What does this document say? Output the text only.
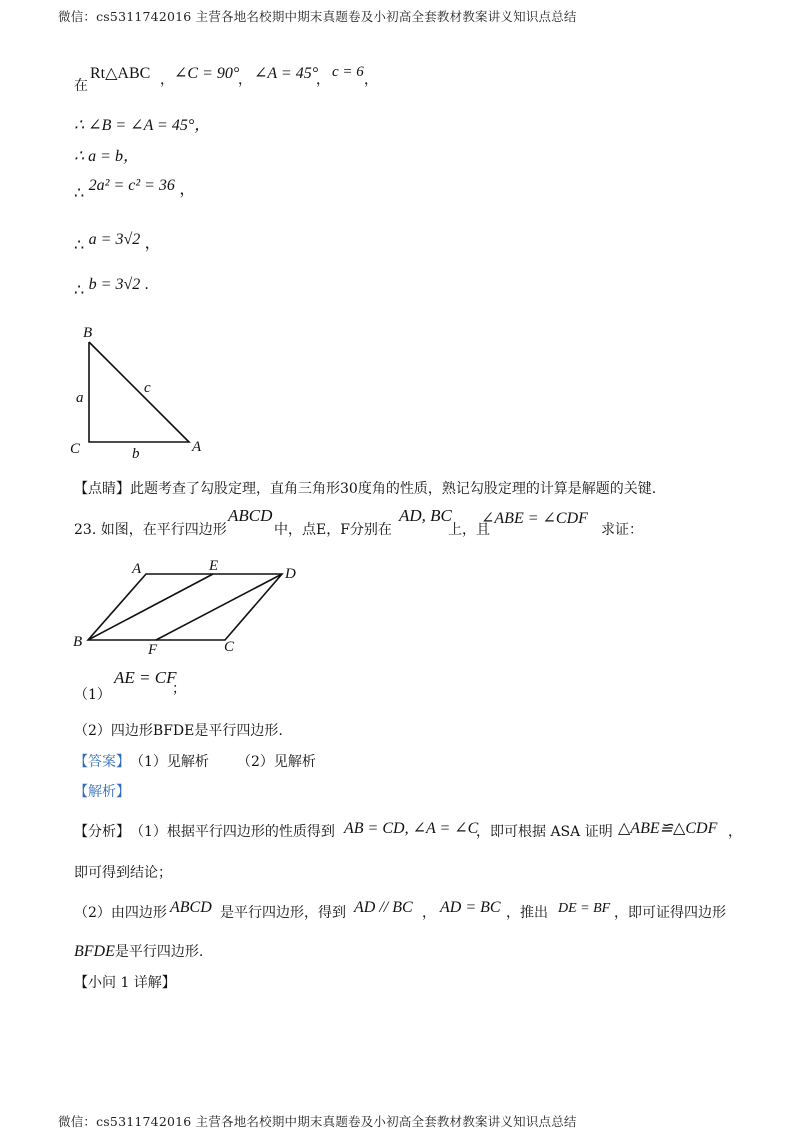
微信：cs5311742016 主营各地名校期中期末真题卷及小初高全套教材教案讲义知识点总结
在
Rt△ABC ， ∠C = 90°
， ∠A = 45°
， c = 6 ，
∴ ∠B = ∠A = 45°，
∴ a = b，
∴ 2a² = c² = 36 ，
∴ a = 3√2 ，
∴ b = 3√2 .
B
C	A
a
b
c
【点睛】此题考查了勾股定理，直角三角形30度角的性质，熟记勾股定理的计算是解题的关键.
23. 如图，在平行四边形
ABCD
中，点E，F分别在
AD, BC
上，且
∠ABE = ∠CDF
求证：
A	E	D
B	F	C
（1）
AE = CF
；
（2）四边形BFDE是平行四边形.
【答案】 （1）见解析 （2）见解析
【解析】
【分析】 （1）根据平行四边形的性质得到 AB = CD, ∠A = ∠C
，即可根据 ASA 证明 △ABE≌△CDF ，
即可得到结论；
（2）由四边形 ABCD 是平行四边形，得到 AD // BC ， AD = BC ，推出 DE = BF ，即可证得四边形
BFDE是平行四边形.
【小问 1 详解】
微信：cs5311742016 主营各地名校期中期末真题卷及小初高全套教材教案讲义知识点总结
